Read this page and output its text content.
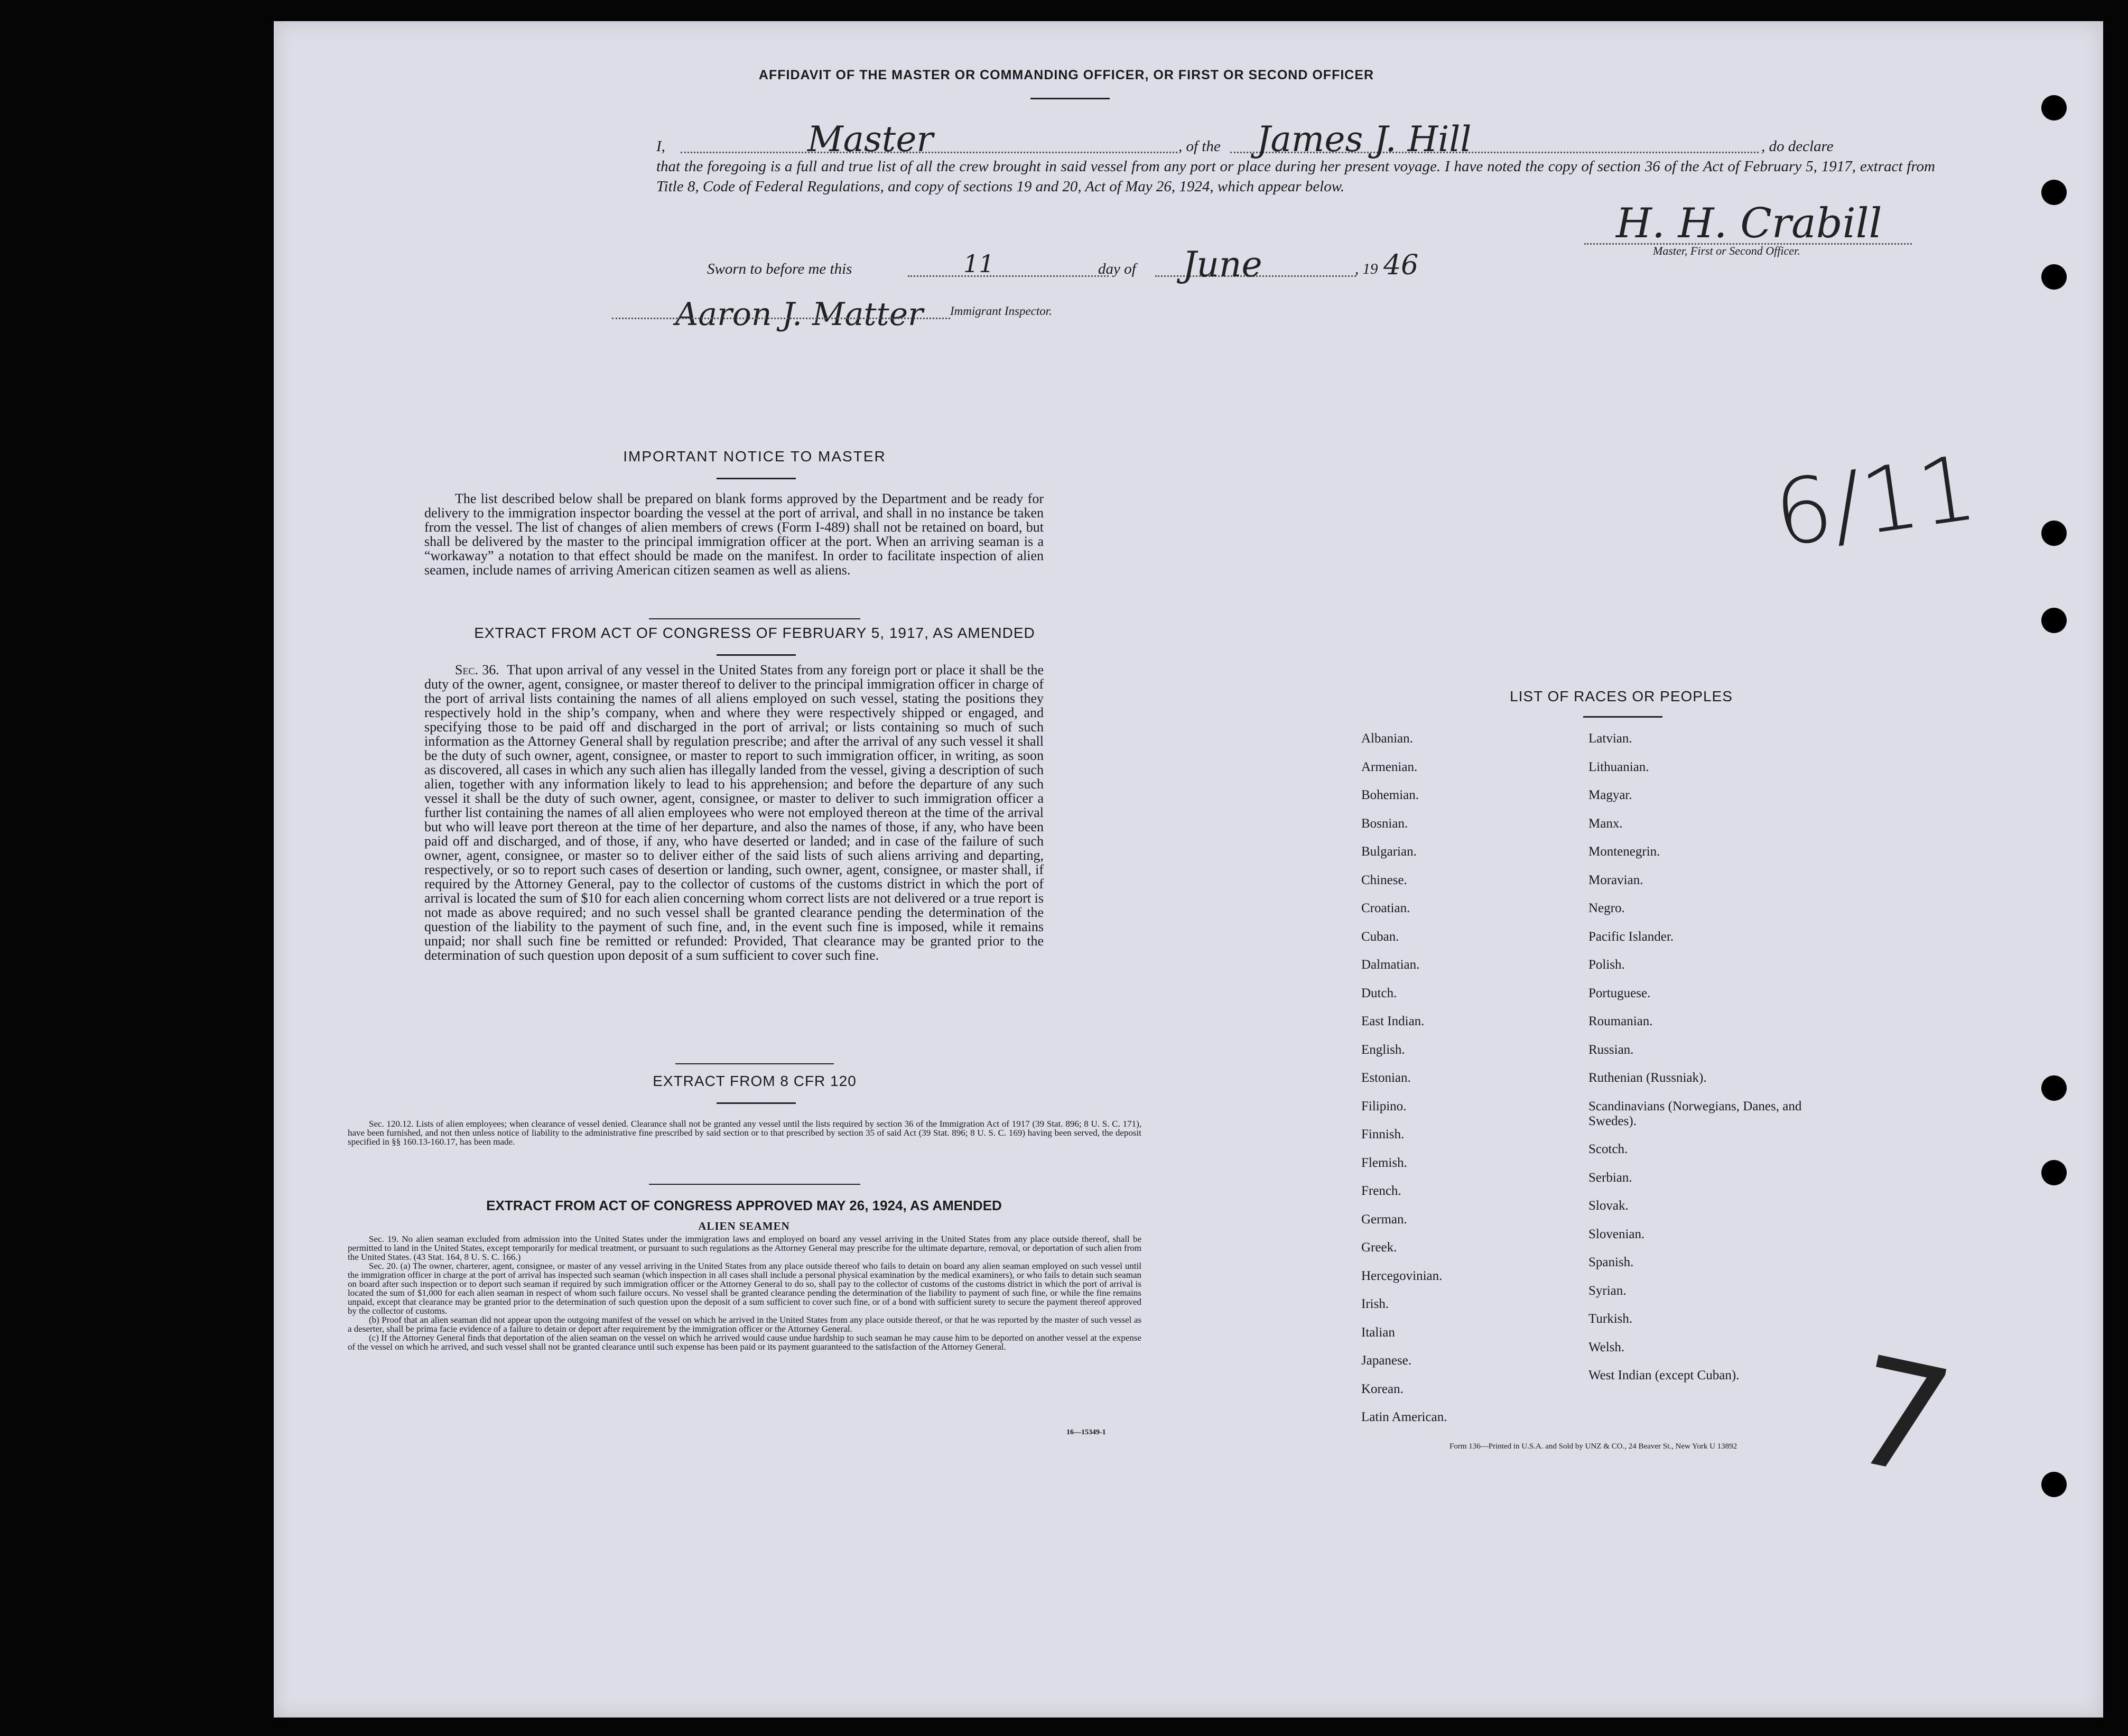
AFFIDAVIT OF THE MASTER OR COMMANDING OFFICER, OR FIRST OR SECOND OFFICER
I,	Master	, of the James J. Hill	, do declare

that the foregoing is a full and true list of all the crew brought in said vessel from any port or place during her present voyage. I have noted the copy of section 36 of the Act of February 5, 1917, extract from Title 8, Code of Federal Regulations, and copy of sections 19 and 20, Act of May 26, 1924, which appear below.

H. H. Crabill
Master, First or Second Officer.
Sworn to before me this	11	day of June	, 19 46
Aaron J. Matter Immigrant Inspector.
IMPORTANT NOTICE TO MASTER

The list described below shall be prepared on blank forms approved by the Department and be ready for delivery to the immigration inspector boarding the vessel at the port of arrival, and shall in no instance be taken from the vessel. The list of changes of alien members of crews (Form I-489) shall not be retained on board, but shall be delivered by the master to the principal immigration officer at the port. When an arriving seaman is a “workaway” a notation to that effect should be made on the manifest. In order to facilitate inspection of alien seamen, include names of arriving American citizen seamen as well as aliens.

EXTRACT FROM ACT OF CONGRESS OF FEBRUARY 5, 1917, AS AMENDED

Sec. 36. That upon arrival of any vessel in the United States from any foreign port or place it shall be the duty of the owner, agent, consignee, or master thereof to deliver to the principal immigration officer in charge of the port of arrival lists containing the names of all aliens employed on such vessel, stating the positions they respectively hold in the ship’s company, when and where they were respectively shipped or engaged, and specifying those to be paid off and discharged in the port of arrival; or lists containing so much of such information as the Attorney General shall by regulation prescribe; and after the arrival of any such vessel it shall be the duty of such owner, agent, consignee, or master to report to such immigration officer, in writing, as soon as discovered, all cases in which any such alien has illegally landed from the vessel, giving a description of such alien, together with any information likely to lead to his apprehension; and before the departure of any such vessel it shall be the duty of such owner, agent, consignee, or master to deliver to such immigration officer a further list containing the names of all alien employees who were not employed thereon at the time of the arrival but who will leave port thereon at the time of her departure, and also the names of those, if any, who have been paid off and discharged, and of those, if any, who have deserted or landed; and in case of the failure of such owner, agent, consignee, or master so to deliver either of the said lists of such aliens arriving and departing, respectively, or so to report such cases of desertion or landing, such owner, agent, consignee, or master shall, if required by the Attorney General, pay to the collector of customs of the customs district in which the port of arrival is located the sum of $10 for each alien concerning whom correct lists are not delivered or a true report is not made as above required; and no such vessel shall be granted clearance pending the determination of the question of the liability to the payment of such fine, and, in the event such fine is imposed, while it remains unpaid; nor shall such fine be remitted or refunded: Provided, That clearance may be granted prior to the determination of such question upon deposit of a sum sufficient to cover such fine.

EXTRACT FROM 8 CFR 120

Sec. 120.12. Lists of alien employees; when clearance of vessel denied. Clearance shall not be granted any vessel until the lists required by section 36 of the Immigration Act of 1917 (39 Stat. 896; 8 U. S. C. 171), have been furnished, and not then unless notice of liability to the administrative fine prescribed by said section or to that prescribed by section 35 of said Act (39 Stat. 896; 8 U. S. C. 169) having been served, the deposit specified in §§ 160.13-160.17, has been made.

EXTRACT FROM ACT OF CONGRESS APPROVED MAY 26, 1924, AS AMENDED
ALIEN SEAMEN

Sec. 19. No alien seaman excluded from admission into the United States under the immigration laws and employed on board any vessel arriving in the United States from any place outside thereof, shall be permitted to land in the United States, except temporarily for medical treatment, or pursuant to such regulations as the Attorney General may prescribe for the ultimate departure, removal, or deportation of such alien from the United States. (43 Stat. 164, 8 U. S. C. 166.)

Sec. 20. (a) The owner, charterer, agent, consignee, or master of any vessel arriving in the United States from any place outside thereof who fails to detain on board any alien seaman employed on such vessel until the immigration officer in charge at the port of arrival has inspected such seaman (which inspection in all cases shall include a personal physical examination by the medical examiners), or who fails to detain such seaman on board after such inspection or to deport such seaman if required by such immigration officer or the Attorney General to do so, shall pay to the collector of customs of the customs district in which the port of arrival is located the sum of $1,000 for each alien seaman in respect of whom such failure occurs. No vessel shall be granted clearance pending the determination of the liability to payment of such fine, or while the fine remains unpaid, except that clearance may be granted prior to the determination of such question upon the deposit of a sum sufficient to cover such fine, or of a bond with sufficient surety to secure the payment thereof approved by the collector of customs.

(b) Proof that an alien seaman did not appear upon the outgoing manifest of the vessel on which he arrived in the United States from any place outside thereof, or that he was reported by the master of such vessel as a deserter, shall be prima facie evidence of a failure to detain or deport after requirement by the immigration officer or the Attorney General.

(c) If the Attorney General finds that deportation of the alien seaman on the vessel on which he arrived would cause undue hardship to such seaman he may cause him to be deported on another vessel at the expense of the vessel on which he arrived, and such vessel shall not be granted clearance until such expense has been paid or its payment guaranteed to the satisfaction of the Attorney General.

16—15349-1
LIST OF RACES OR PEOPLES
Albanian.
Armenian.
Bohemian.
Bosnian.
Bulgarian.
Chinese.
Croatian.
Cuban.
Dalmatian.
Dutch.
East Indian.
English.
Estonian.
Filipino.
Finnish.
Flemish.
French.
German.
Greek.
Hercegovinian.
Irish.
Italian
Japanese.
Korean.
Latin American.
Latvian.
Lithuanian.
Magyar.
Manx.
Montenegrin.
Moravian.
Negro.
Pacific Islander.
Polish.
Portuguese.
Roumanian.
Russian.
Ruthenian (Russniak).
Scandinavians (Norwegians, Danes, and Swedes).
Scotch.
Serbian.
Slovak.
Slovenian.
Spanish.
Syrian.
Turkish.
Welsh.
West Indian (except Cuban).
Form 136—Printed in U.S.A. and Sold by UNZ & CO., 24 Beaver St., New York U 13892
6/11
7
